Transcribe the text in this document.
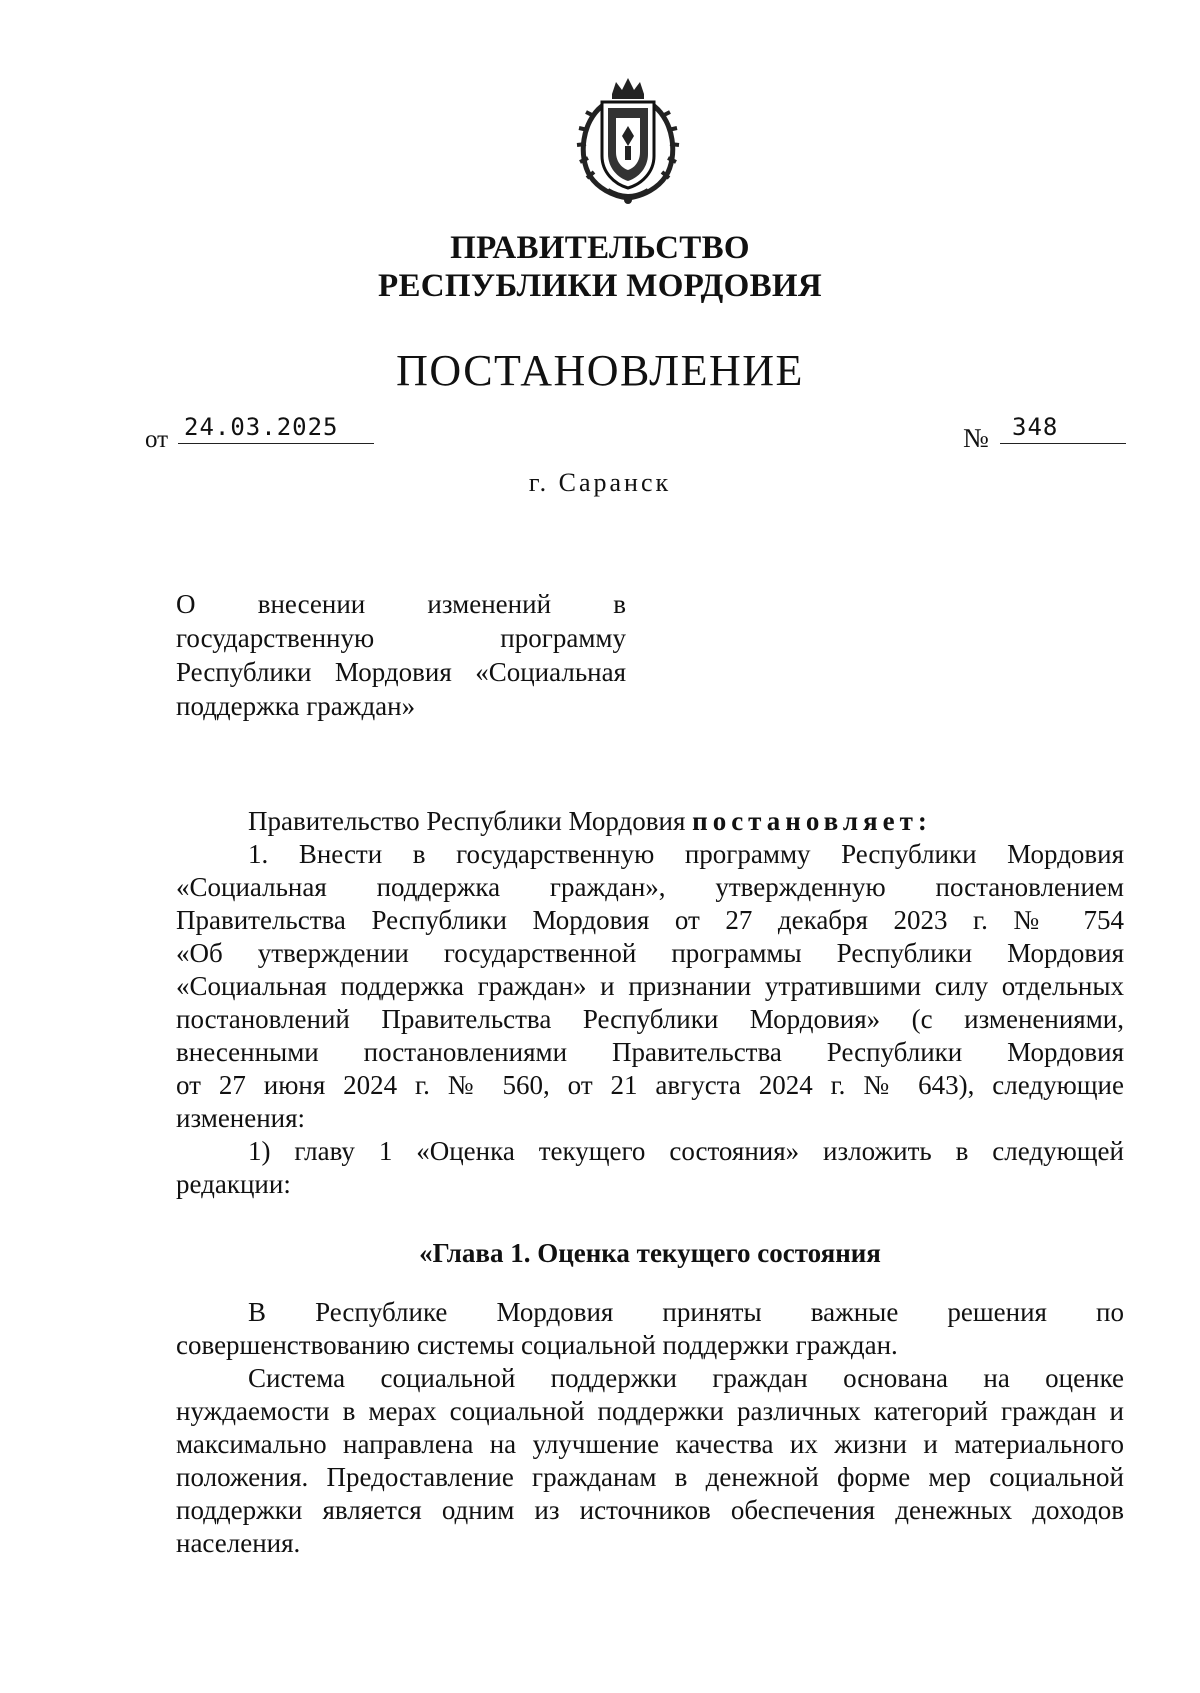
ПРАВИТЕЛЬСТВО
РЕСПУБЛИКИ МОРДОВИЯ
ПОСТАНОВЛЕНИЕ
от 24.03.2025	№ 348
г. Саранск
О внесении изменений в
государственную программу
Республики Мордовия «Социальная
поддержка граждан»
Правительство Республики Мордовия постановляет:
1. Внести в государственную программу Республики Мордовия
«Социальная поддержка граждан», утвержденную постановлением
Правительства Республики Мордовия от 27 декабря 2023 г. № 754
«Об утверждении государственной программы Республики Мордовия
«Социальная поддержка граждан» и признании утратившими силу отдельных
постановлений Правительства Республики Мордовия» (с изменениями,
внесенными постановлениями Правительства Республики Мордовия
от 27 июня 2024 г. № 560, от 21 августа 2024 г. № 643), следующие
изменения:
1) главу 1 «Оценка текущего состояния» изложить в следующей
редакции:
«Глава 1. Оценка текущего состояния
В Республике Мордовия приняты важные решения по
совершенствованию системы социальной поддержки граждан.
Система социальной поддержки граждан основана на оценке
нуждаемости в мерах социальной поддержки различных категорий граждан и
максимально направлена на улучшение качества их жизни и материального
положения. Предоставление гражданам в денежной форме мер социальной
поддержки является одним из источников обеспечения денежных доходов
населения.
